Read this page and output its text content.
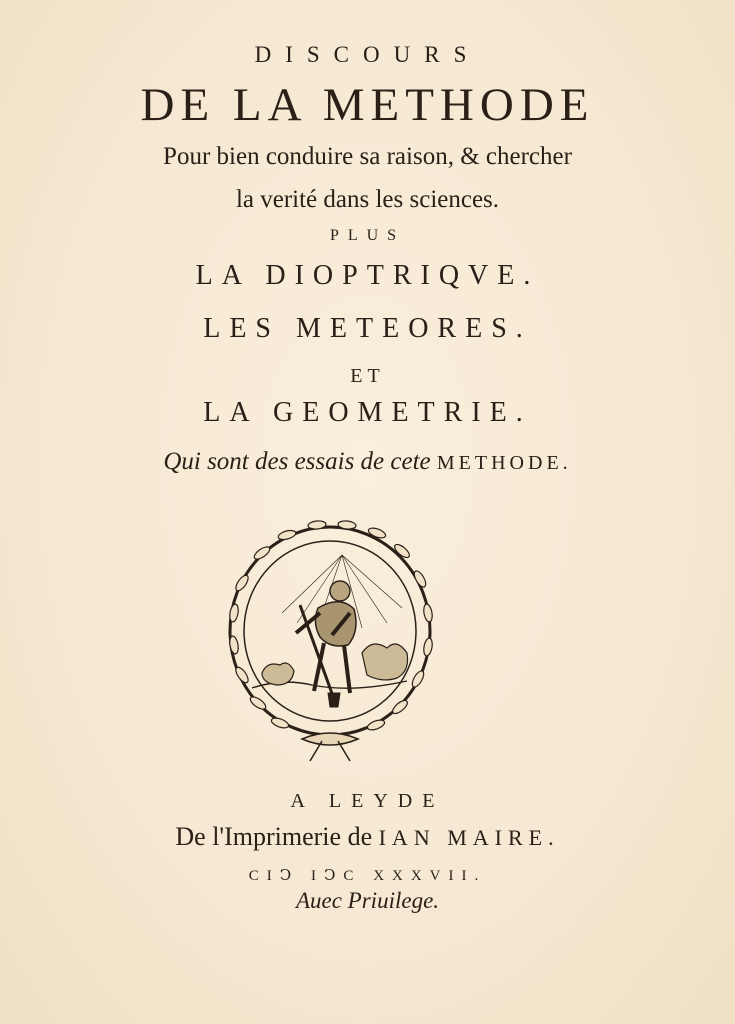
DISCOURS
DE LA METHODE
Pour bien conduire sa raison, & chercher
la verité dans les sciences.
PLUS
LA DIOPTRIQVE.
LES METEORES.
ET
LA GEOMETRIE.
Qui sont des essais de cete METHODE.
A LEYDE
De l'Imprimerie de IAN MAIRE.
CIↃ IↃC XXXVII.
Auec Priuilege.
